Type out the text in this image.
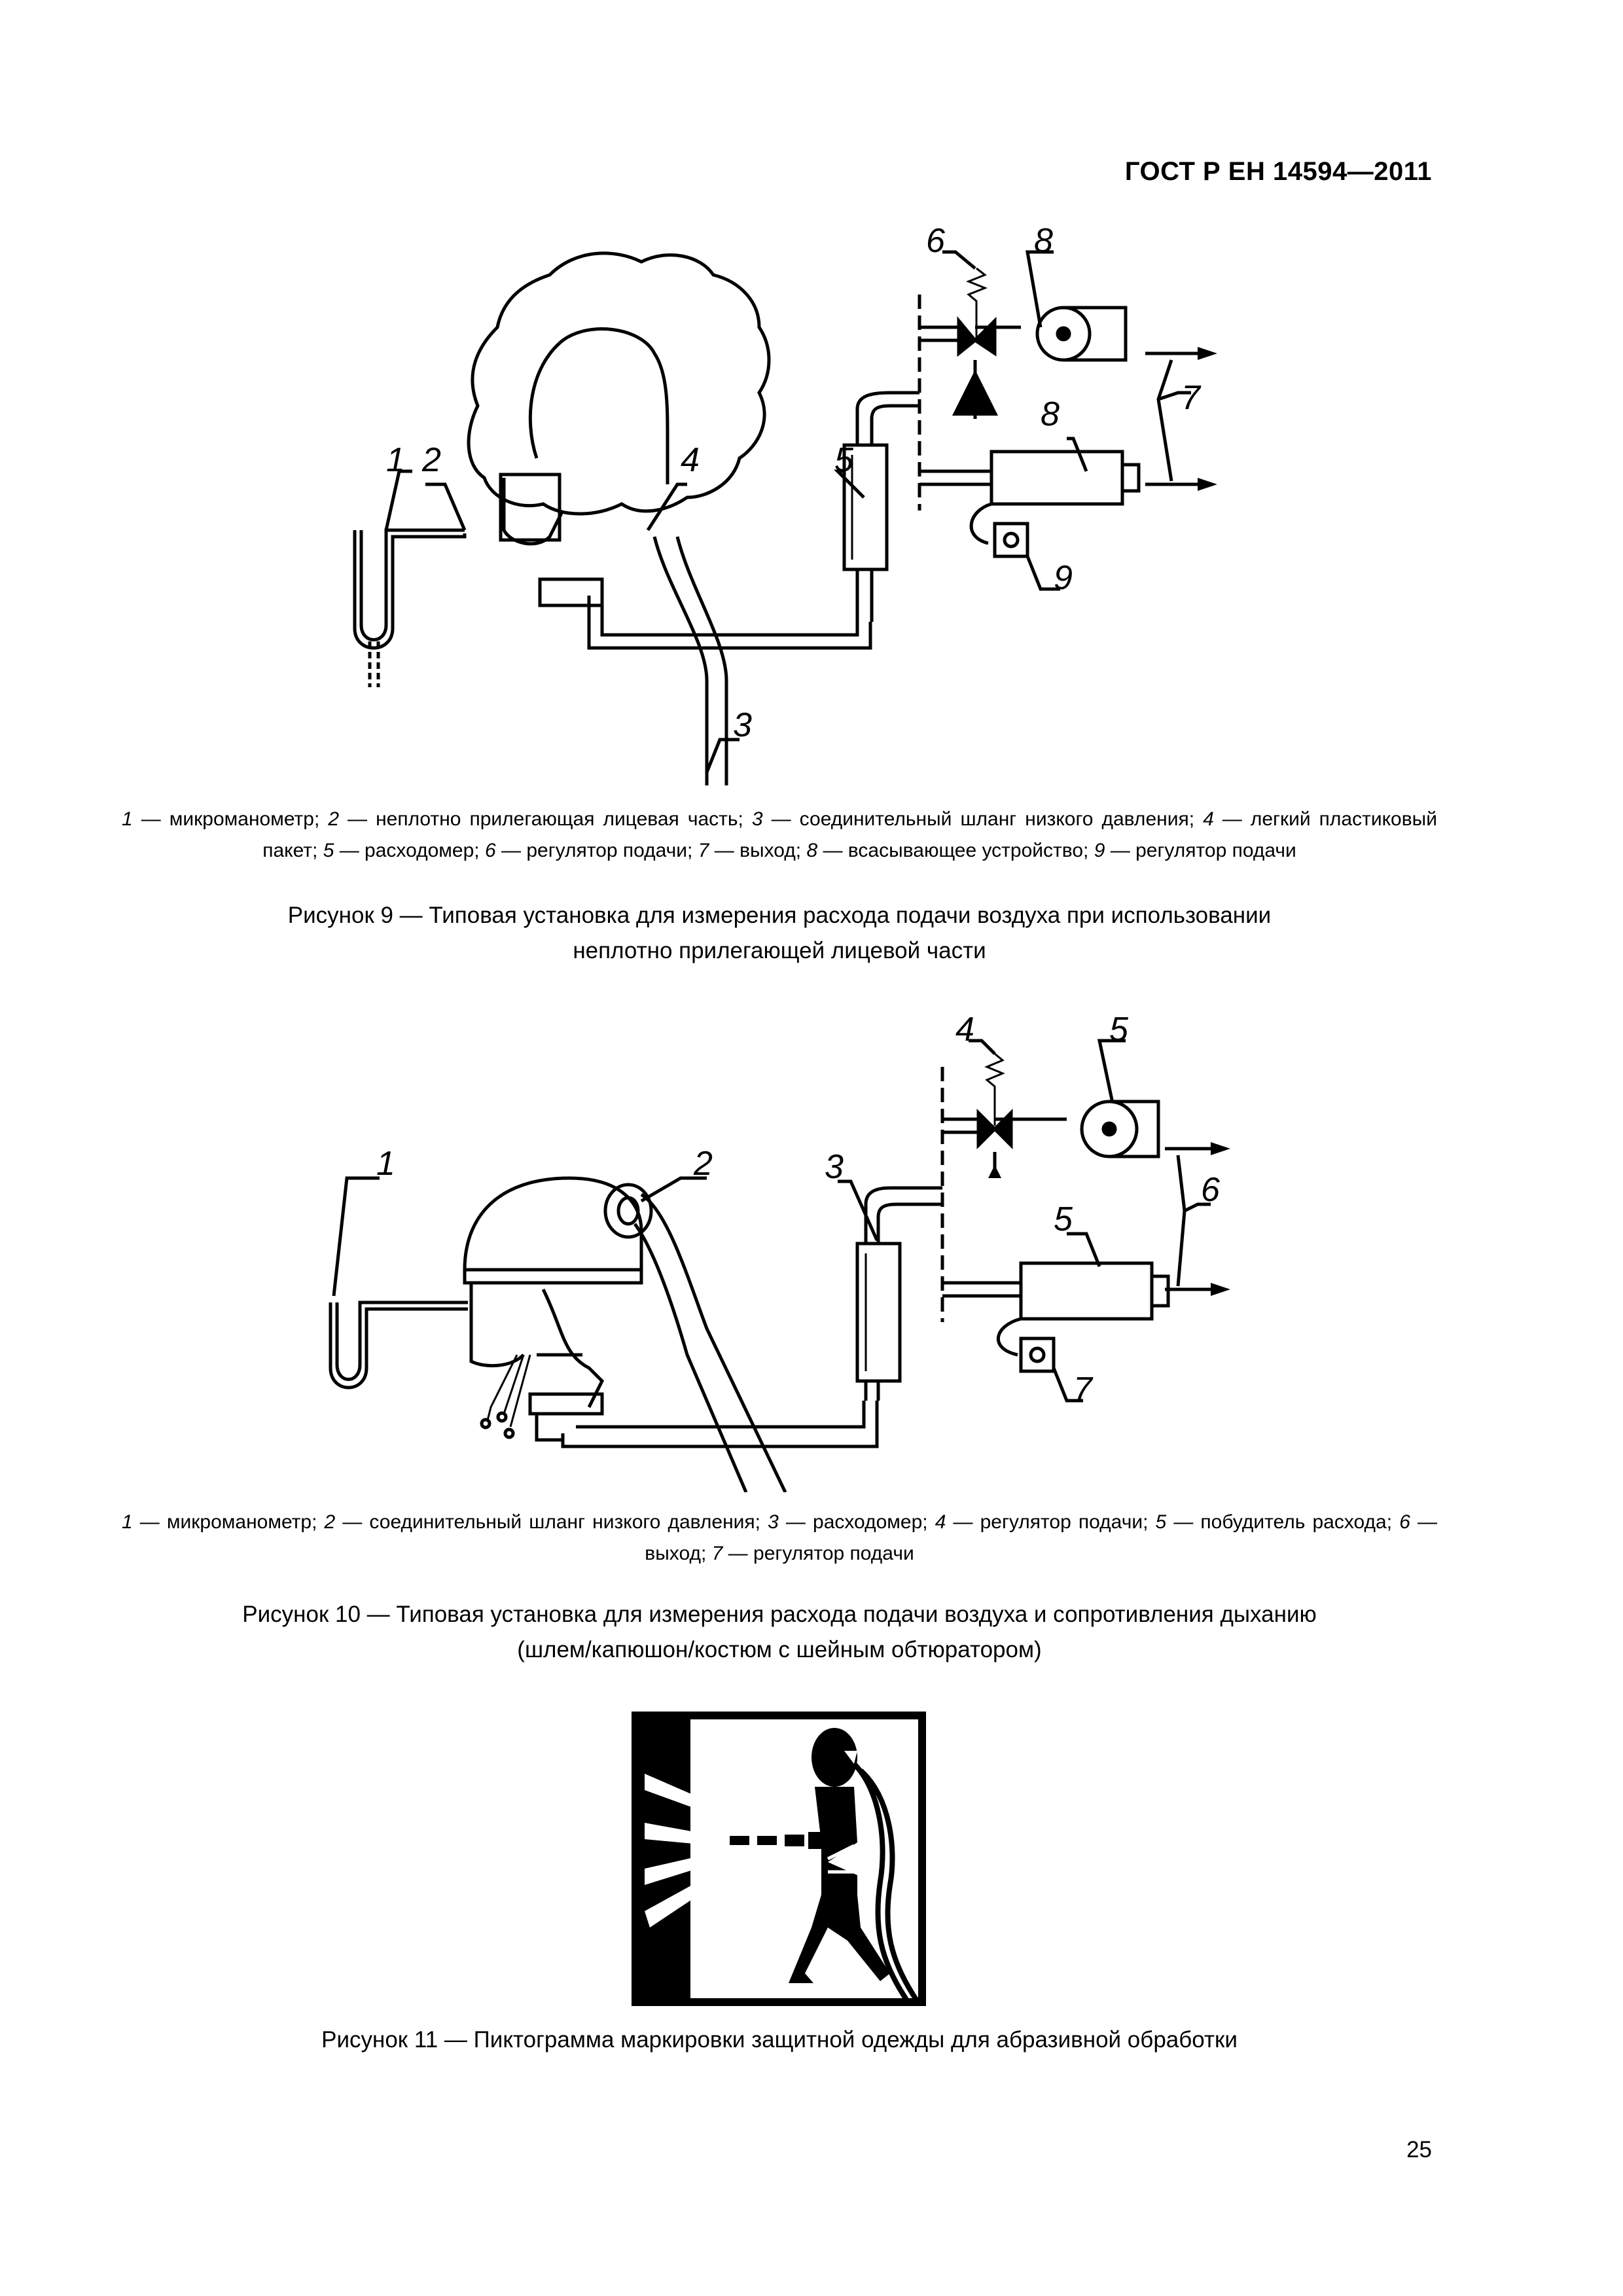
ГОСТ Р ЕН 14594—2011
1 2
3
4	5
6
7
8
8
9
1 — микроманометр; 2 — неплотно прилегающая лицевая часть; 3 — соединительный шланг низкого давления; 4 — легкий пластиковый пакет; 5 — расходомер; 6 — регулятор подачи; 7 — выход; 8 — всасывающее устройство; 9 — регулятор подачи
Рисунок 9 — Типовая установка для измерения расхода подачи воздуха при использовании
неплотно прилегающей лицевой части
1	2	3
4	5
5
6
7
1 — микроманометр; 2 — соединительный шланг низкого давления; 3 — расходомер; 4 — регулятор подачи; 5 — побудитель расхода; 6 — выход; 7 — регулятор подачи
Рисунок 10 — Типовая установка для измерения расхода подачи воздуха и сопротивления дыханию
(шлем/капюшон/костюм с шейным обтюратором)
Рисунок 11 — Пиктограмма маркировки защитной одежды для абразивной обработки
25
